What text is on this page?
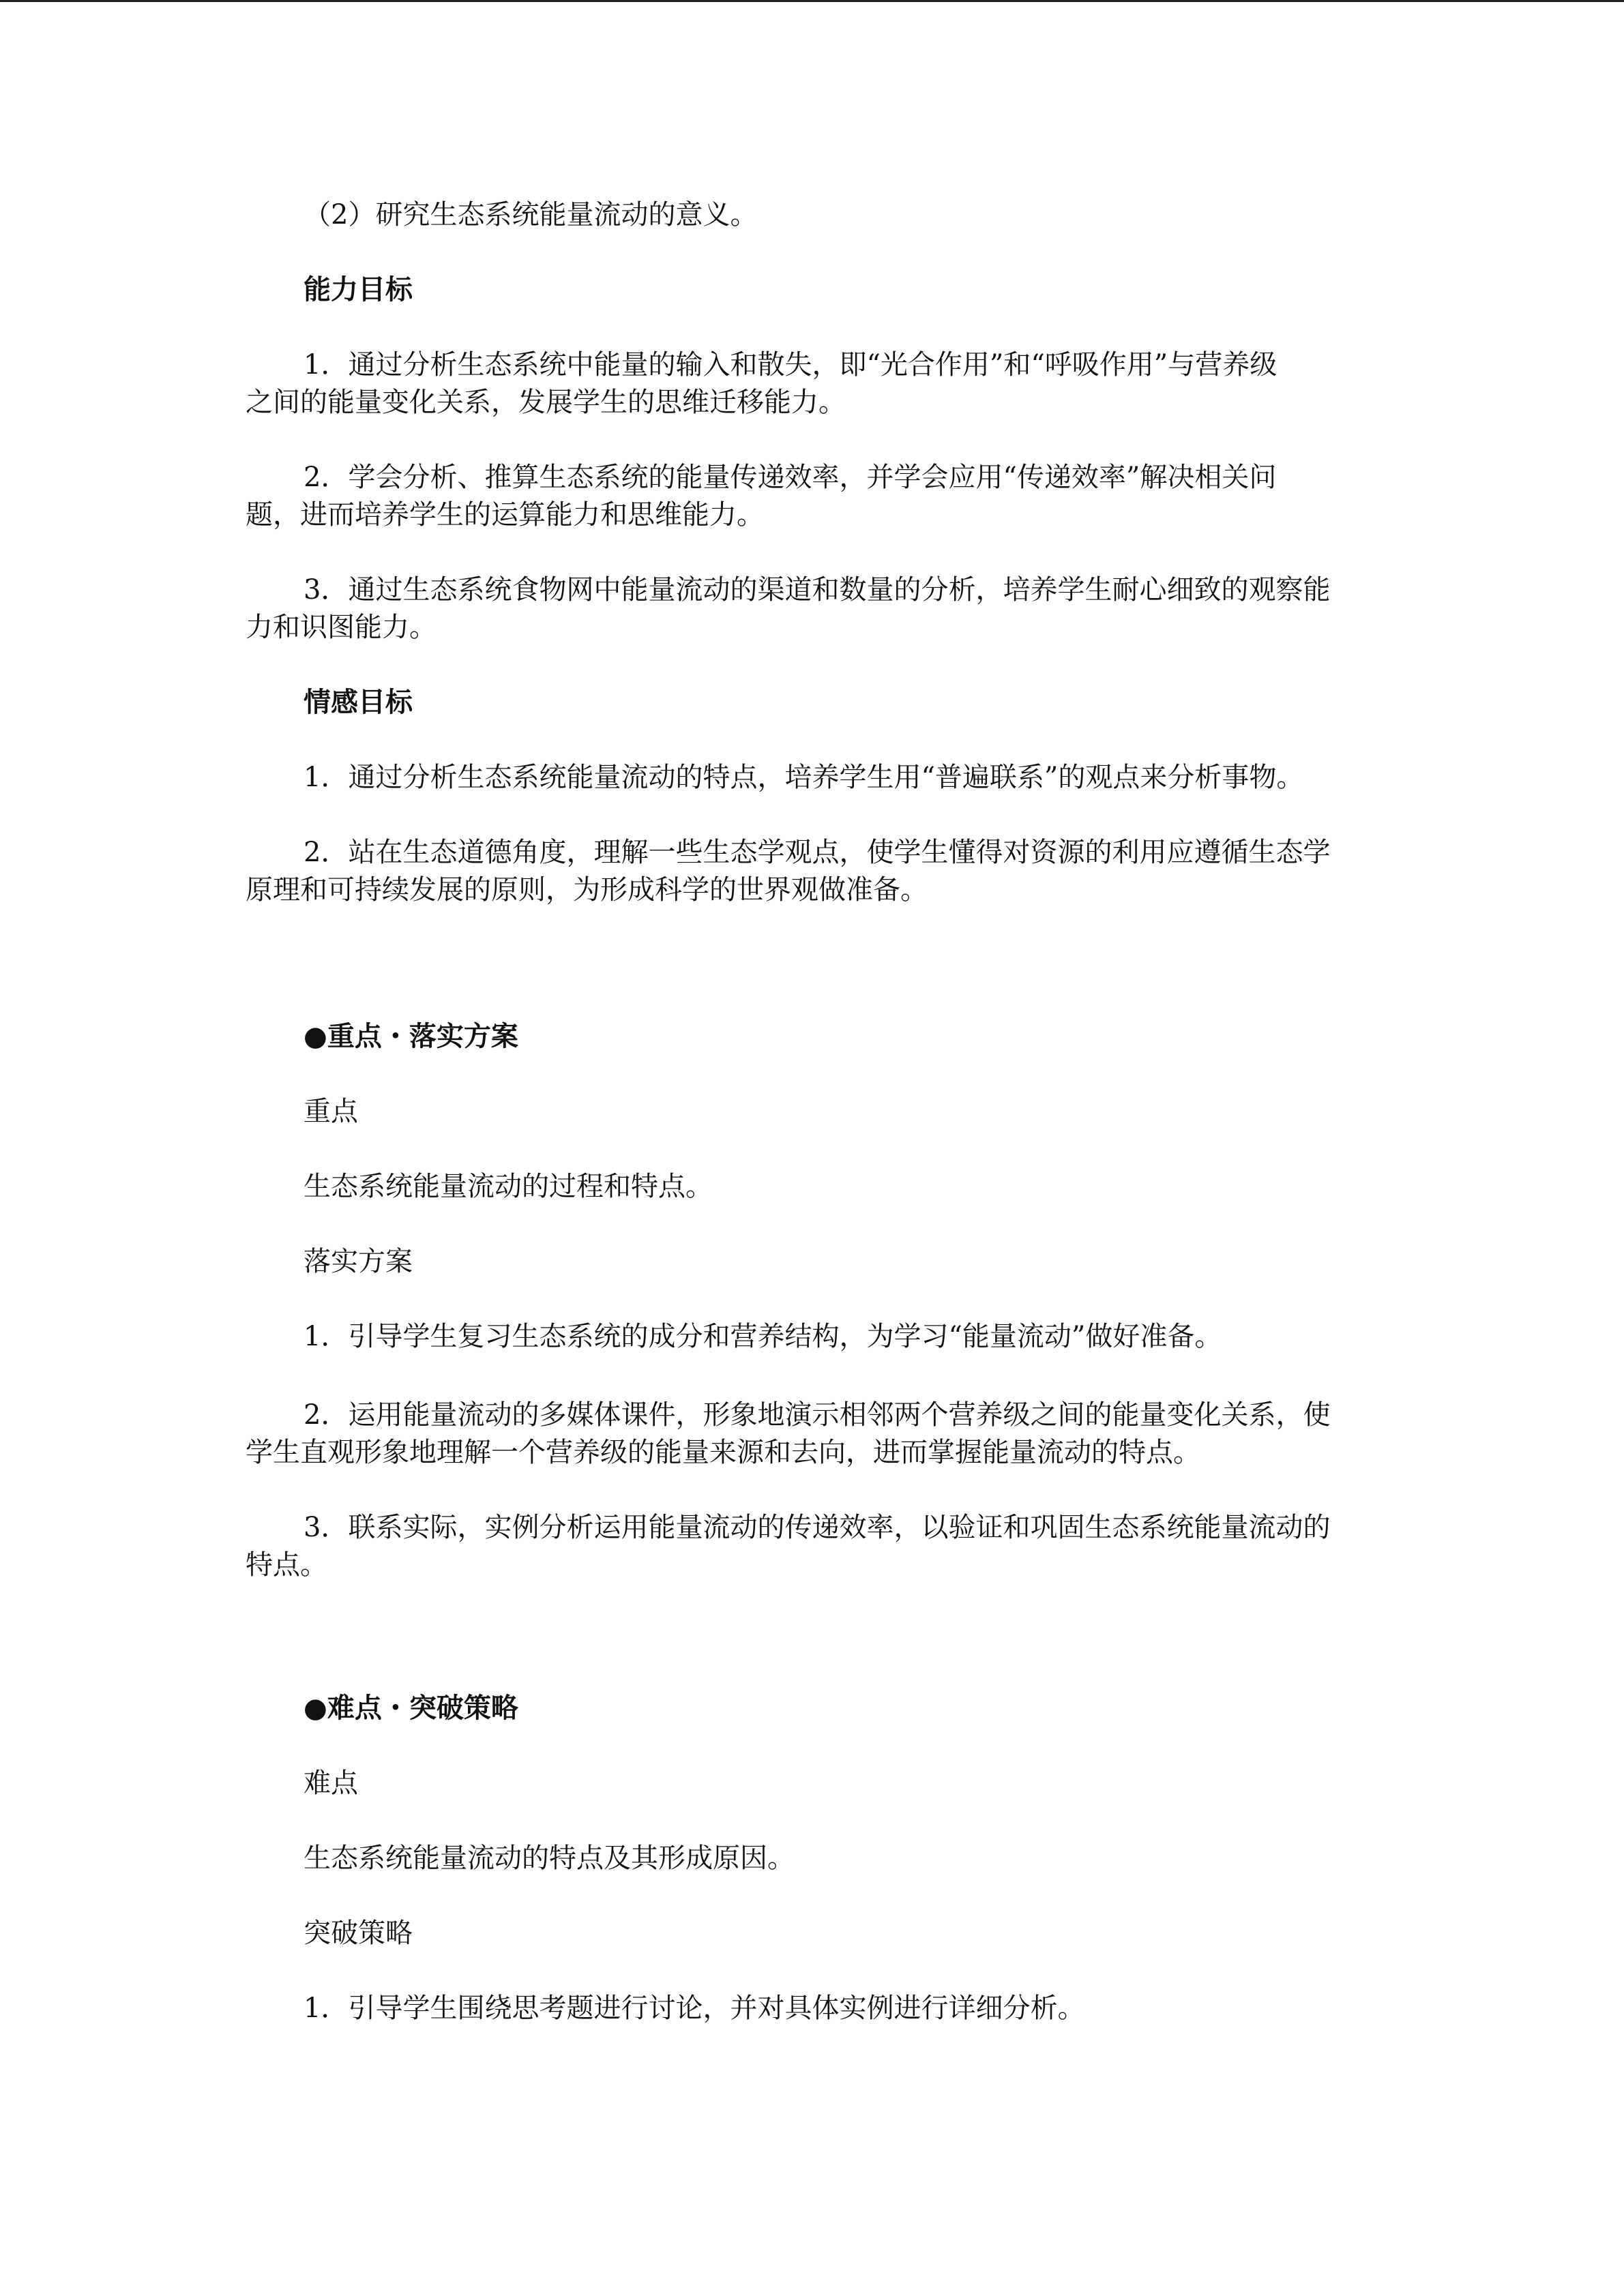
（2）研究生态系统能量流动的意义。

能力目标

1．通过分析生态系统中能量的输入和散失，即“光合作用”和“呼吸作用”与营养级

之间的能量变化关系，发展学生的思维迁移能力。

2．学会分析、推算生态系统的能量传递效率，并学会应用“传递效率”解决相关问

题，进而培养学生的运算能力和思维能力。

3．通过生态系统食物网中能量流动的渠道和数量的分析，培养学生耐心细致的观察能

力和识图能力。

情感目标

1．通过分析生态系统能量流动的特点，培养学生用“普遍联系”的观点来分析事物。

2．站在生态道德角度，理解一些生态学观点，使学生懂得对资源的利用应遵循生态学

原理和可持续发展的原则，为形成科学的世界观做准备。

●重点・落实方案

重点

生态系统能量流动的过程和特点。

落实方案

1．引导学生复习生态系统的成分和营养结构，为学习“能量流动”做好准备。

2．运用能量流动的多媒体课件，形象地演示相邻两个营养级之间的能量变化关系，使

学生直观形象地理解一个营养级的能量来源和去向，进而掌握能量流动的特点。

3．联系实际，实例分析运用能量流动的传递效率，以验证和巩固生态系统能量流动的

特点。

●难点・突破策略

难点

生态系统能量流动的特点及其形成原因。

突破策略

1．引导学生围绕思考题进行讨论，并对具体实例进行详细分析。
